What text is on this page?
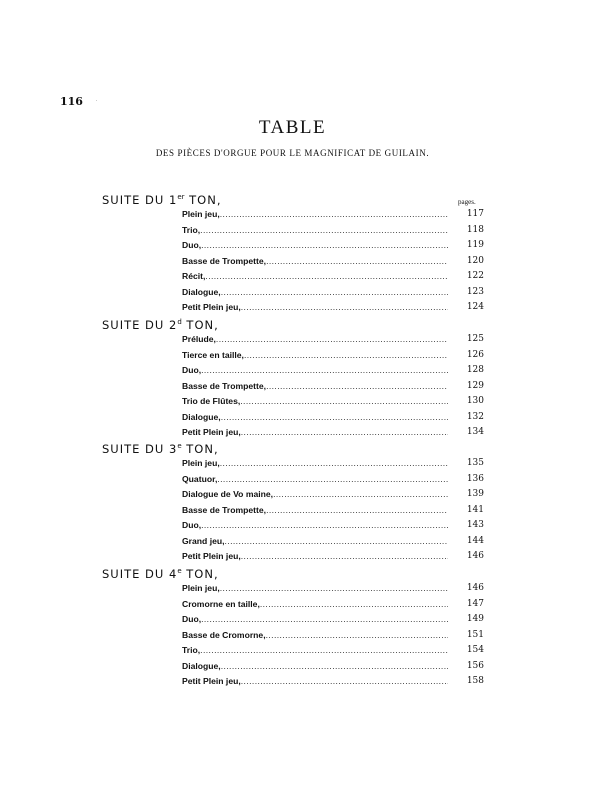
116
TABLE
DES PIÈCES D'ORGUE POUR LE MAGNIFICAT DE GUILAIN.
SUITE DU 1er TON,	pages.
Plein jeu, .....	117
Trio, .....	118
Duo, .....	119
Basse de Trompette, .....	120
Récit, .....	122
Dialogue, .....	123
Petit Plein jeu, .....	124
SUITE DU 2$^d$ TON,
Prélude, .....	125
Tierce en taille, .....	126
Duo, .....	128
Basse de Trompette, .....	129
Trio de Flûtes, .....	130
Dialogue, .....	132
Petit Plein jeu, .....	134
SUITE DU 3e TON,
Plein jeu, .....	135
Quatuor, .....	136
Dialogue de Vo maine, .....	139
Basse de Trompette, .....	141
Duo, .....	143
Grand jeu, .....	144
Petit Plein jeu, .....	146
SUITE DU 4e TON,
Plein jeu, .....	146
Cromorne en taille, .....	147
Duo, .....	149
Basse de Cromorne, .....	151
Trio, .....	154
Dialogue, .....	156
Petit Plein jeu, .....	158
